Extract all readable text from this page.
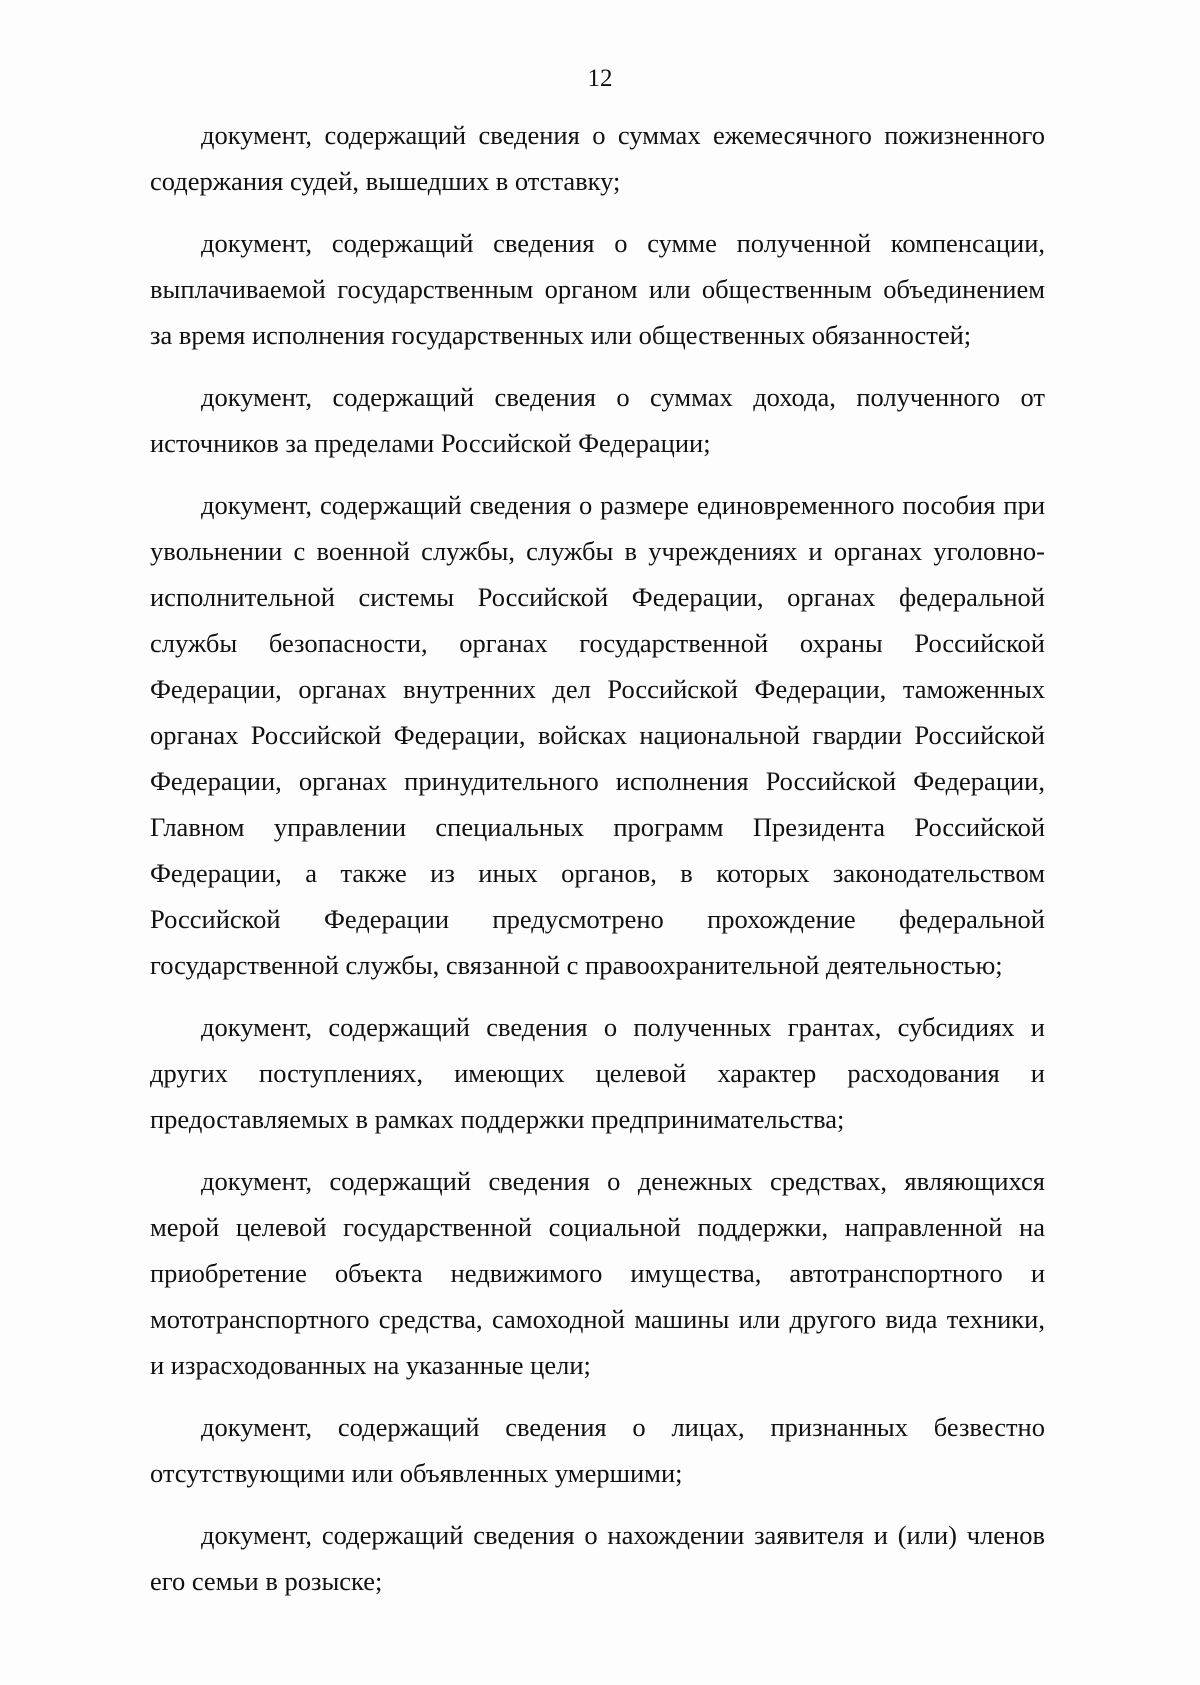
12

документ, содержащий сведения о суммах ежемесячного пожизненного содержания судей, вышедших в отставку;

документ, содержащий сведения о сумме полученной компенсации, выплачиваемой государственным органом или общественным объединением за время исполнения государственных или общественных обязанностей;

документ, содержащий сведения о суммах дохода, полученного от источников за пределами Российской Федерации;

документ, содержащий сведения о размере единовременного пособия при увольнении с военной службы, службы в учреждениях и органах уголовно-исполнительной системы Российской Федерации, органах федеральной службы безопасности, органах государственной охраны Российской Федерации, органах внутренних дел Российской Федерации, таможенных органах Российской Федерации, войсках национальной гвардии Российской Федерации, органах принудительного исполнения Российской Федерации, Главном управлении специальных программ Президента Российской Федерации, а также из иных органов, в которых законодательством Российской Федерации предусмотрено прохождение федеральной государственной службы, связанной с правоохранительной деятельностью;

документ, содержащий сведения о полученных грантах, субсидиях и других поступлениях, имеющих целевой характер расходования и предоставляемых в рамках поддержки предпринимательства;

документ, содержащий сведения о денежных средствах, являющихся мерой целевой государственной социальной поддержки, направленной на приобретение объекта недвижимого имущества, автотранспортного и мототранспортного средства, самоходной машины или другого вида техники, и израсходованных на указанные цели;

документ, содержащий сведения о лицах, признанных безвестно отсутствующими или объявленных умершими;

документ, содержащий сведения о нахождении заявителя и (или) членов его семьи в розыске;
